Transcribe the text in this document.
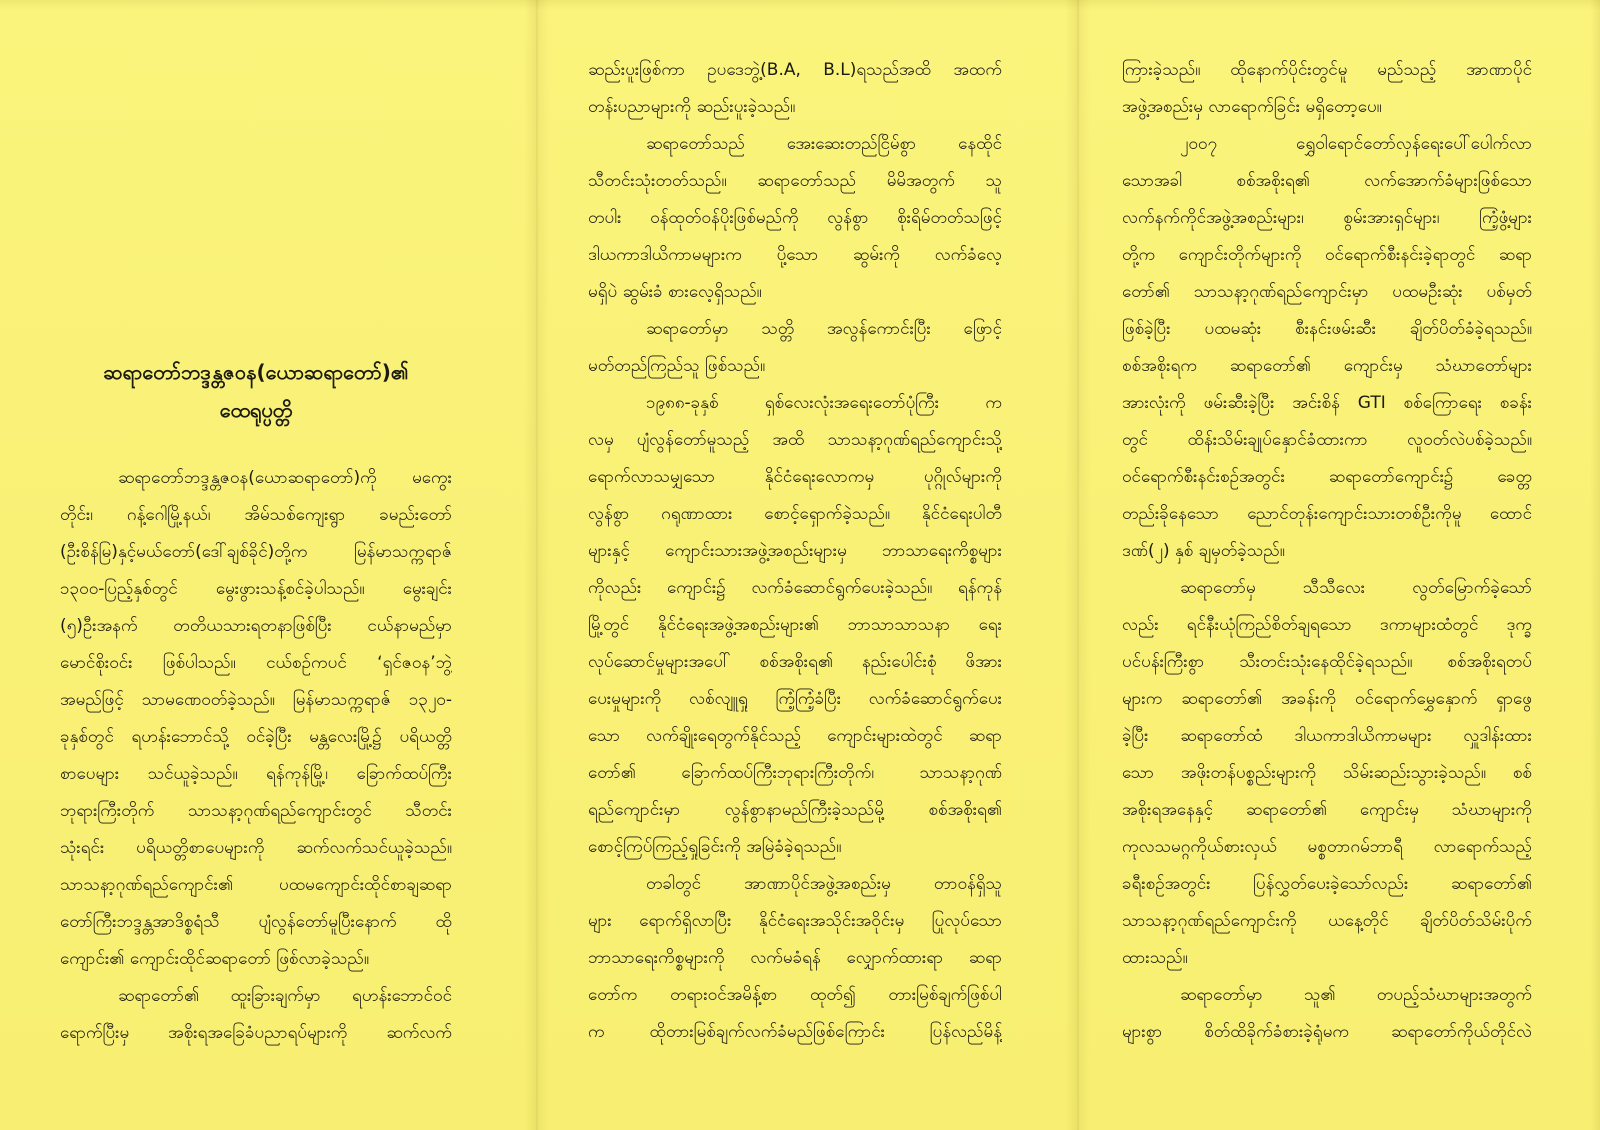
ဆရာတော်ဘဒ္ဒန္တဇဝန(ယောဆရာတော်)၏
ထေရုပ္ပတ္တိ
ဆရာတော်ဘဒ္ဒန္တဇဝန(ယောဆရာတော်)ကို မကွေး
တိုင်း၊ ဂန့်ဂေါမြို့နယ်၊ အိမ်သစ်ကျေးရွာ ခမည်းတော်
(ဦးစိန်မြ)နှင့်မယ်တော်(ဒေါ်ချစ်ခိုင်)တို့က မြန်မာသက္ကရာဇ်
၁၃၀၀-ပြည့်နှစ်တွင် မွေးဖွားသန့်စင်ခဲ့ပါသည်။ မွေးချင်း
(၅)ဦးအနက် တတိယသားရတနာဖြစ်ပြီး ငယ်နာမည်မှာ
မောင်စိုးဝင်း ဖြစ်ပါသည်။ ငယ်စဉ်ကပင် ‘ရှင်ဇဝန’ဘွဲ့
အမည်ဖြင့် သာမဏေဝတ်ခဲ့သည်။ မြန်မာသက္ကရာဇ် ၁၃၂၀-
ခုနှစ်တွင် ရဟန်းဘောင်သို့ ဝင်ခဲ့ပြီး မန္တလေးမြို့၌ ပရိယတ္တိ
စာပေများ သင်ယူခဲ့သည်။ ရန်ကုန်မြို့၊ ခြောက်ထပ်ကြီး
ဘုရားကြီးတိုက် သာသနာ့ဂုဏ်ရည်ကျောင်းတွင် သီတင်း
သုံးရင်း ပရိယတ္တိစာပေများကို ဆက်လက်သင်ယူခဲ့သည်။
သာသနာ့ဂုဏ်ရည်ကျောင်း၏ ပထမကျောင်းထိုင်စာချဆရာ
တော်ကြီးဘဒ္ဒန္တအာဒိစ္စရံသီ ပျံလွန်တော်မူပြီးနောက် ထို
ကျောင်း၏ ကျောင်းထိုင်ဆရာတော် ဖြစ်လာခဲ့သည်။
ဆရာတော်၏ ထူးခြားချက်မှာ ရဟန်းဘောင်ဝင်
ရောက်ပြီးမှ အစိုးရအခြေခံပညာရပ်များကို ဆက်လက်
ဆည်းပူးဖြစ်ကာ ဥပဒေဘွဲ့(B.A, B.L)ရသည်အထိ အထက်
တန်းပညာများကို ဆည်းပူးခဲ့သည်။
ဆရာတော်သည် အေးဆေးတည်ငြိမ်စွာ နေထိုင်
သီတင်းသုံးတတ်သည်။ ဆရာတော်သည် မိမိအတွက် သူ
တပါး ဝန်ထုတ်ဝန်ပိုးဖြစ်မည်ကို လွန်စွာ စိုးရိမ်တတ်သဖြင့်
ဒါယကာဒါယိကာမများက ပို့သော ဆွမ်းကို လက်ခံလေ့
မရှိပဲ ဆွမ်းခံ စားလေ့ရှိသည်။
ဆရာတော်မှာ သတ္တိ အလွန်ကောင်းပြီး ဖြောင့်
မတ်တည်ကြည်သူ ဖြစ်သည်။
၁၉၈၈-ခုနှစ် ရှစ်လေးလုံးအရေးတော်ပုံကြီး က
လမှ ပျံလွန်တော်မူသည့် အထိ သာသနာ့ဂုဏ်ရည်ကျောင်းသို့
ရောက်လာသမျှသော နိုင်ငံရေးလောကမှ ပုဂ္ဂိုလ်များကို
လွန်စွာ ဂရုဏာထား စောင့်ရှောက်ခဲ့သည်။ နိုင်ငံရေးပါတီ
များနှင့် ကျောင်းသားအဖွဲ့အစည်းများမှ ဘာသာရေးကိစ္စများ
ကိုလည်း ကျောင်း၌ လက်ခံဆောင်ရွက်ပေးခဲ့သည်။ ရန်ကုန်
မြို့တွင် နိုင်ငံရေးအဖွဲ့အစည်းများ၏ ဘာသာသာသနာ ရေး
လုပ်ဆောင်မှုများအပေါ် စစ်အစိုးရ၏ နည်းပေါင်းစုံ ဖိအား
ပေးမှုများကို လစ်လျူရှု ကြံ့ကြံ့ခံပြီး လက်ခံဆောင်ရွက်ပေး
သော လက်ချိုးရေတွက်နိုင်သည့် ကျောင်းများထဲတွင် ဆရာ
တော်၏ ခြောက်ထပ်ကြီးဘုရားကြီးတိုက်၊ သာသနာ့ဂုဏ်
ရည်ကျောင်းမှာ လွန်စွာနာမည်ကြီးခဲ့သည်မို့ စစ်အစိုးရ၏
စောင့်ကြပ်ကြည့်ရှုခြင်းကို အမြဲခံခဲ့ရသည်။
တခါတွင် အာဏာပိုင်အဖွဲ့အစည်းမှ တာဝန်ရှိသူ
များ ရောက်ရှိလာပြီး နိုင်ငံရေးအသိုင်းအဝိုင်းမှ ပြုလုပ်သော
ဘာသာရေးကိစ္စများကို လက်မခံရန် လျှောက်ထားရာ ဆရာ
တော်က တရားဝင်အမိန့်စာ ထုတ်၍ တားမြစ်ချက်ဖြစ်ပါ
က ထိုတားမြစ်ချက်လက်ခံမည်ဖြစ်ကြောင်း ပြန်လည်မိန့်
ကြားခဲ့သည်။ ထိုနောက်ပိုင်းတွင်မူ မည်သည့် အာဏာပိုင်
အဖွဲ့အစည်းမှ လာရောက်ခြင်း မရှိတော့ပေ။
၂၀၀၇ ရွှေဝါရောင်တော်လှန်ရေးပေါ်ပေါက်လာ
သောအခါ စစ်အစိုးရ၏ လက်အောက်ခံများဖြစ်သော
လက်နက်ကိုင်အဖွဲ့အစည်းများ၊ စွမ်းအားရှင်များ၊ ကြံ့ဖွံ့များ
တို့က ကျောင်းတိုက်များကို ဝင်ရောက်စီးနင်းခဲ့ရာတွင် ဆရာ
တော်၏ သာသနာ့ဂုဏ်ရည်ကျောင်းမှာ ပထမဦးဆုံး ပစ်မှတ်
ဖြစ်ခဲ့ပြီး ပထမဆုံး စီးနင်းဖမ်းဆီး ချိတ်ပိတ်ခံခဲ့ရသည်။
စစ်အစိုးရက ဆရာတော်၏ ကျောင်းမှ သံဃာတော်များ
အားလုံးကို ဖမ်းဆီးခဲ့ပြီး အင်းစိန် GTI စစ်ကြောရေး စခန်း
တွင် ထိန်းသိမ်းချုပ်နှောင်ခံထားကာ လူဝတ်လဲပစ်ခဲ့သည်။
ဝင်ရောက်စီးနင်းစဉ်အတွင်း ဆရာတော်ကျောင်း၌ ခေတ္တ
တည်းခိုနေသော ညောင်တုန်းကျောင်းသားတစ်ဦးကိုမူ ထောင်
ဒဏ်(၂) နှစ် ချမှတ်ခဲ့သည်။
ဆရာတော်မှ သီသီလေး လွတ်မြောက်ခဲ့သော်
လည်း ရင်နီးယုံကြည်စိတ်ချရသော ဒကာများထံတွင် ဒုက္ခ
ပင်ပန်းကြီးစွာ သီးတင်းသုံးနေထိုင်ခဲ့ရသည်။ စစ်အစိုးရတပ်
များက ဆရာတော်၏ အခန်းကို ဝင်ရောက်မွှေနှောက် ရှာဖွေ
ခဲ့ပြီး ဆရာတော်ထံ ဒါယကာဒါယိကာမများ လှူဒါန်းထား
သော အဖိုးတန်ပစ္စည်းများကို သိမ်းဆည်းသွားခဲ့သည်။ စစ်
အစိုးရအနေနှင့် ဆရာတော်၏ ကျောင်းမှ သံဃာများကို
ကုလသမဂ္ဂကိုယ်စားလှယ် မစ္စတာဂမ်ဘာရီ လာရောက်သည့်
ခရီးစဉ်အတွင်း ပြန်လွှတ်ပေးခဲ့သော်လည်း ဆရာတော်၏
သာသနာ့ဂုဏ်ရည်ကျောင်းကို ယနေ့တိုင် ချိတ်ပိတ်သိမ်းပိုက်
ထားသည်။
ဆရာတော်မှာ သူ၏ တပည့်သံဃာများအတွက်
များစွာ စိတ်ထိခိုက်ခံစားခဲ့ရုံမက ဆရာတော်ကိုယ်တိုင်လဲ
